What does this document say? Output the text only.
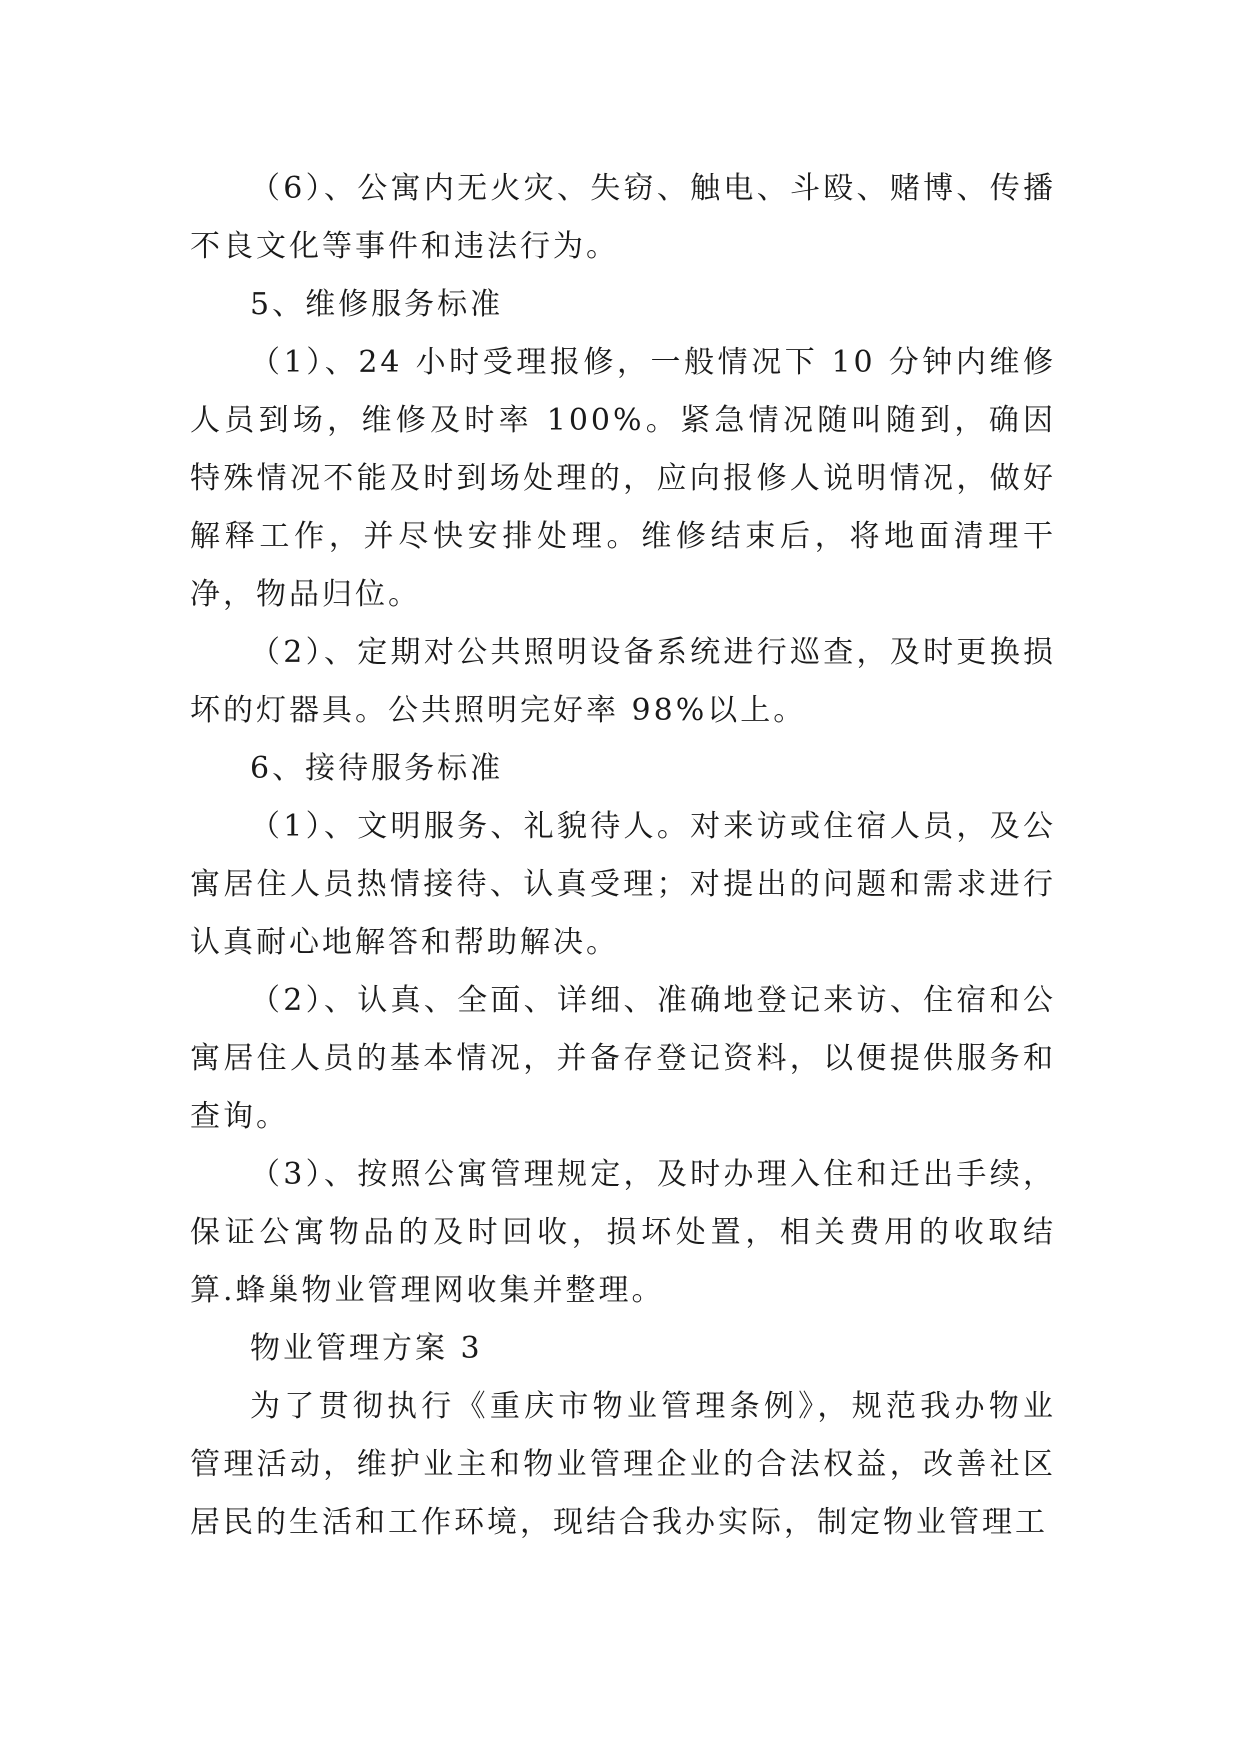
（6）、公寓内无火灾、失窃、触电、斗殴、赌博、传播不良文化等事件和违法行为。

5、维修服务标准

（1）、24 小时受理报修，一般情况下 10 分钟内维修人员到场，维修及时率 100%。紧急情况随叫随到，确因特殊情况不能及时到场处理的，应向报修人说明情况，做好解释工作，并尽快安排处理。维修结束后，将地面清理干净，物品归位。

（2）、定期对公共照明设备系统进行巡查，及时更换损坏的灯器具。公共照明完好率 98%以上。

6、接待服务标准

（1）、文明服务、礼貌待人。对来访或住宿人员，及公寓居住人员热情接待、认真受理；对提出的问题和需求进行认真耐心地解答和帮助解决。

（2）、认真、全面、详细、准确地登记来访、住宿和公寓居住人员的基本情况，并备存登记资料，以便提供服务和查询。

（3）、按照公寓管理规定，及时办理入住和迁出手续，保证公寓物品的及时回收，损坏处置，相关费用的收取结算.蜂巢物业管理网收集并整理。

物业管理方案 3

为了贯彻执行《重庆市物业管理条例》，规范我办物业管理活动，维护业主和物业管理企业的合法权益，改善社区居民的生活和工作环境，现结合我办实际，制定物业管理工
